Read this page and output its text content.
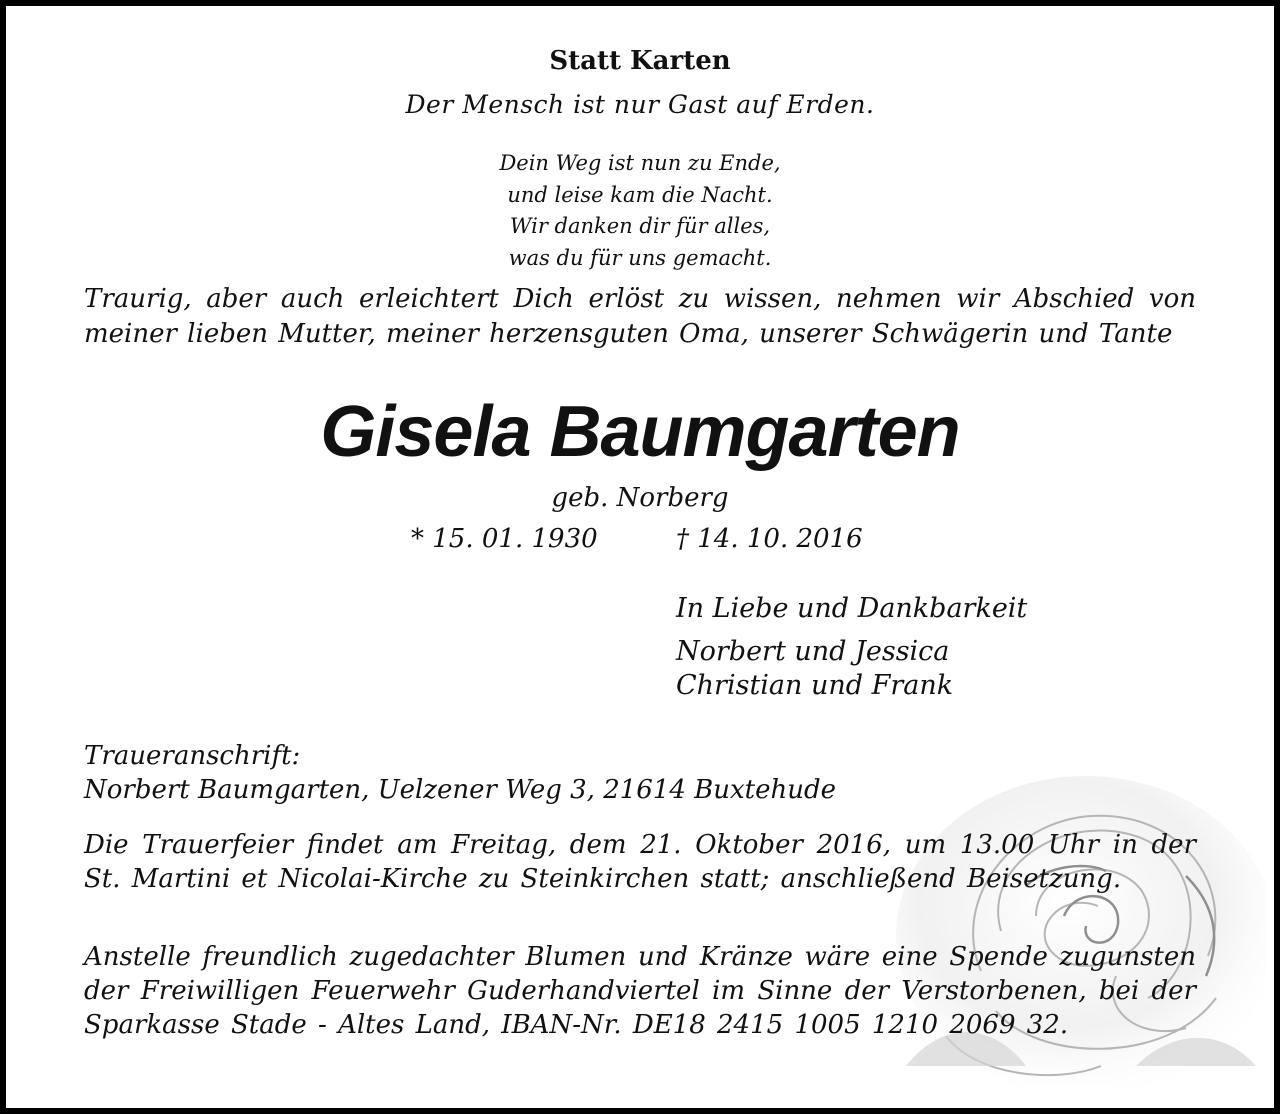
Statt Karten
Der Mensch ist nur Gast auf Erden.
Dein Weg ist nun zu Ende,
und leise kam die Nacht.
Wir danken dir für alles,
was du für uns gemacht.
Traurig, aber auch erleichtert Dich erlöst zu wissen, nehmen wir Abschied von meiner lieben Mutter, meiner herzensguten Oma, unserer Schwägerin und Tante
Gisela Baumgarten
geb. Norberg
* 15. 01. 1930	† 14. 10. 2016
In Liebe und Dankbarkeit
Norbert und Jessica
Christian und Frank
Traueranschrift:
Norbert Baumgarten, Uelzener Weg 3, 21614 Buxtehude
Die Trauerfeier findet am Freitag, dem 21. Oktober 2016, um 13.00 Uhr in der St. Martini et Nicolai-Kirche zu Steinkirchen statt; anschließend Beisetzung.
Anstelle freundlich zugedachter Blumen und Kränze wäre eine Spende zugunsten der Freiwilligen Feuerwehr Guderhandviertel im Sinne der Verstorbenen, bei der Sparkasse Stade - Altes Land, IBAN-Nr. DE18 2415 1005 1210 2069 32.
